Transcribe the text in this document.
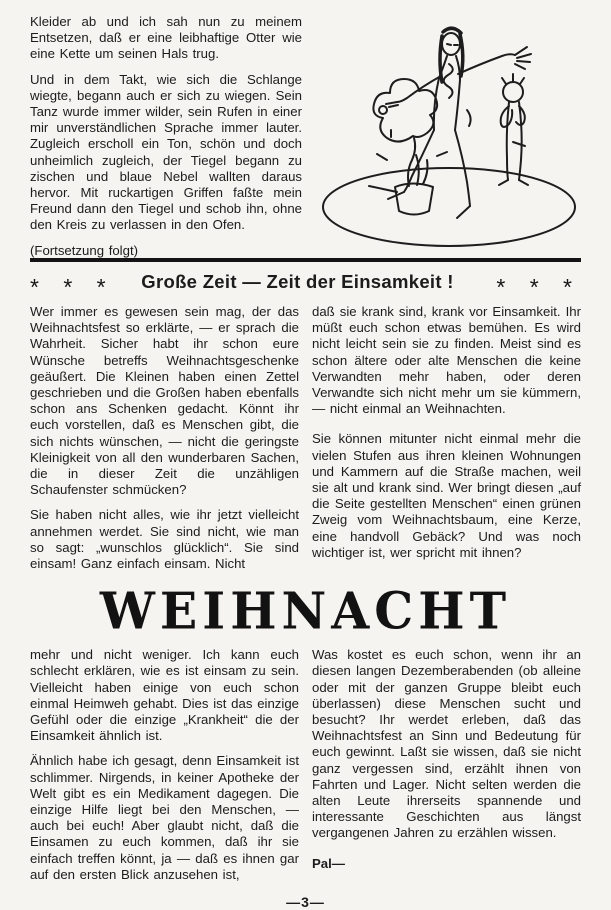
Kleider ab und ich sah nun zu meinem Entsetzen, daß er eine leibhaftige Otter wie eine Kette um seinen Hals trug.

Und in dem Takt, wie sich die Schlange wiegte, begann auch er sich zu wiegen. Sein Tanz wurde immer wilder, sein Rufen in einer mir unverständlichen Sprache immer lauter. Zugleich erscholl ein Ton, schön und doch unheimlich zugleich, der Tiegel begann zu zischen und blaue Nebel wallten daraus hervor. Mit ruckartigen Griffen faßte mein Freund dann den Tiegel und schob ihn, ohne den Kreis zu verlassen in den Ofen.

(Fortsetzung folgt)

* * * Große Zeit — Zeit der Einsamkeit ! * * *

Wer immer es gewesen sein mag, der das Weihnachtsfest so erklärte, — er sprach die Wahrheit. Sicher habt ihr schon eure Wünsche betreffs Weihnachtsgeschenke geäußert. Die Kleinen haben einen Zettel geschrieben und die Großen haben ebenfalls schon ans Schenken gedacht. Könnt ihr euch vorstellen, daß es Menschen gibt, die sich nichts wünschen, — nicht die geringste Kleinigkeit von all den wunderbaren Sachen, die in dieser Zeit die unzähligen Schaufenster schmücken?

Sie haben nicht alles, wie ihr jetzt vielleicht annehmen werdet. Sie sind nicht, wie man so sagt: „wunschlos glücklich“. Sie sind einsam! Ganz einfach einsam. Nicht

daß sie krank sind, krank vor Einsamkeit. Ihr müßt euch schon etwas bemühen. Es wird nicht leicht sein sie zu finden. Meist sind es schon ältere oder alte Menschen die keine Verwandten mehr haben, oder deren Verwandte sich nicht mehr um sie kümmern, — nicht einmal an Weihnachten.

Sie können mitunter nicht einmal mehr die vielen Stufen aus ihren kleinen Wohnungen und Kammern auf die Straße machen, weil sie alt und krank sind. Wer bringt diesen „auf die Seite gestellten Menschen“ einen grünen Zweig vom Weihnachtsbaum, eine Kerze, eine handvoll Gebäck? Und was noch wichtiger ist, wer spricht mit ihnen?

WEIHNACHT

mehr und nicht weniger. Ich kann euch schlecht erklären, wie es ist einsam zu sein. Vielleicht haben einige von euch schon einmal Heimweh gehabt. Dies ist das einzige Gefühl oder die einzige „Krankheit“ die der Einsamkeit ähnlich ist.

Ähnlich habe ich gesagt, denn Einsamkeit ist schlimmer. Nirgends, in keiner Apotheke der Welt gibt es ein Medikament dagegen. Die einzige Hilfe liegt bei den Menschen, — auch bei euch! Aber glaubt nicht, daß die Einsamen zu euch kommen, daß ihr sie einfach treffen könnt, ja — daß es ihnen gar auf den ersten Blick anzusehen ist,

Was kostet es euch schon, wenn ihr an diesen langen Dezemberabenden (ob alleine oder mit der ganzen Gruppe bleibt euch überlassen) diese Menschen sucht und besucht? Ihr werdet erleben, daß das Weihnachtsfest an Sinn und Bedeutung für euch gewinnt. Laßt sie wissen, daß sie nicht ganz vergessen sind, erzählt ihnen von Fahrten und Lager. Nicht selten werden die alten Leute ihrerseits spannende und interessante Geschichten aus längst vergangenen Jahren zu erzählen wissen.

Pal—

—3—
